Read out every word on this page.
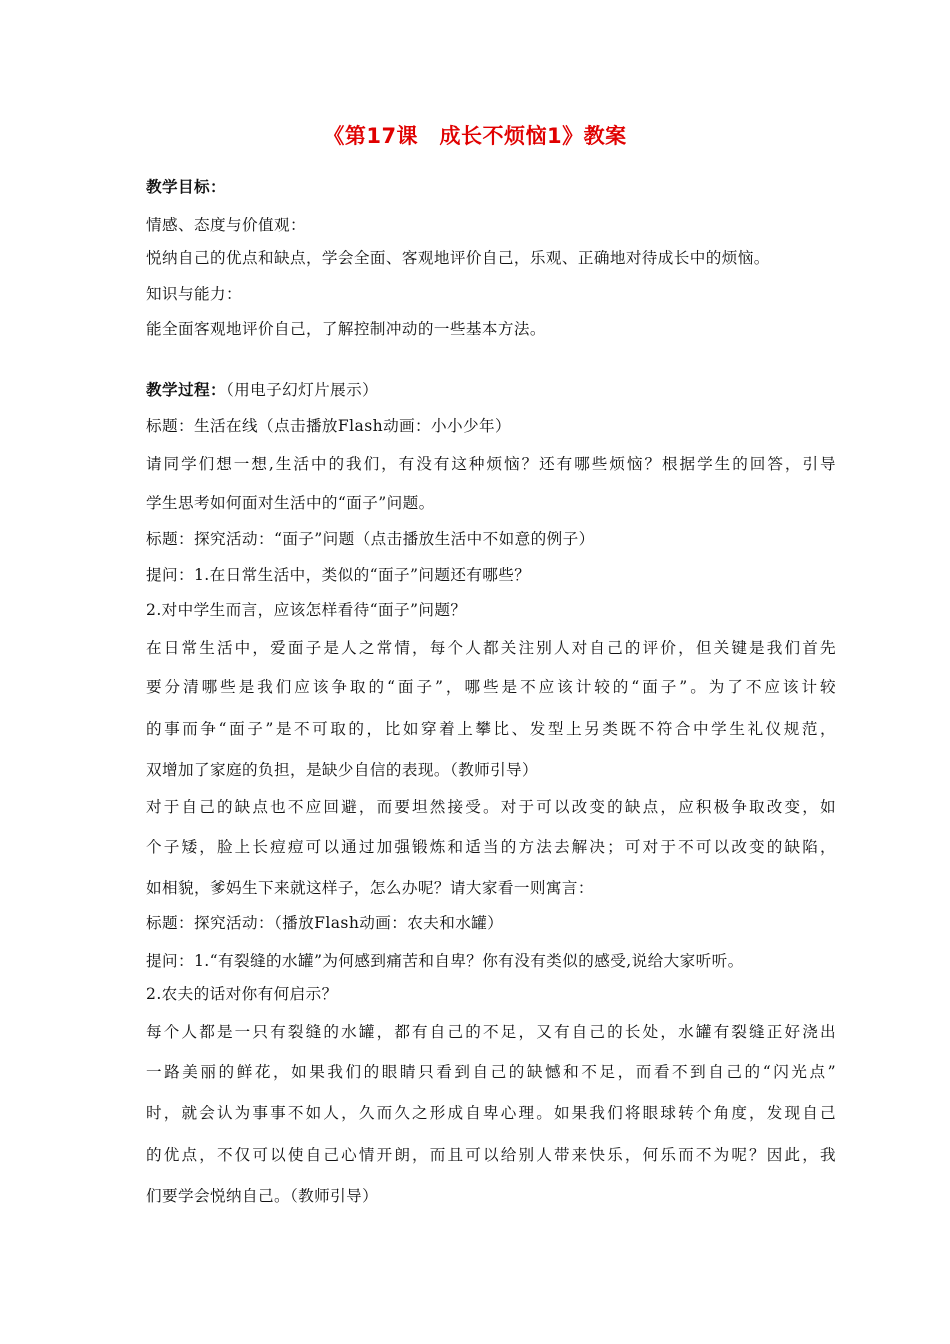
《第17课　成长不烦恼1》教案
教学目标：
情感、态度与价值观：
悦纳自己的优点和缺点，学会全面、客观地评价自己，乐观、正确地对待成长中的烦恼。
知识与能力：
能全面客观地评价自己，了解控制冲动的一些基本方法。
教学过程：（用电子幻灯片展示）
标题：生活在线（点击播放Flash动画：小小少年）
请同学们想一想,生活中的我们，有没有这种烦恼？还有哪些烦恼？根据学生的回答，引导
学生思考如何面对生活中的“面子”问题。
标题：探究活动：“面子”问题（点击播放生活中不如意的例子）
提问：1.在日常生活中，类似的“面子”问题还有哪些？
2.对中学生而言，应该怎样看待“面子”问题？
在日常生活中，爱面子是人之常情，每个人都关注别人对自己的评价，但关键是我们首先
要分清哪些是我们应该争取的“面子”，哪些是不应该计较的“面子”。为了不应该计较
的事而争“面子”是不可取的，比如穿着上攀比、发型上另类既不符合中学生礼仪规范，
双增加了家庭的负担，是缺少自信的表现。（教师引导）
对于自己的缺点也不应回避，而要坦然接受。对于可以改变的缺点，应积极争取改变，如
个子矮，脸上长痘痘可以通过加强锻炼和适当的方法去解决；可对于不可以改变的缺陷，
如相貌，爹妈生下来就这样子，怎么办呢？请大家看一则寓言：
标题：探究活动：（播放Flash动画：农夫和水罐）
提问：1.“有裂缝的水罐”为何感到痛苦和自卑？你有没有类似的感受,说给大家听听。
2.农夫的话对你有何启示？
每个人都是一只有裂缝的水罐，都有自己的不足，又有自己的长处，水罐有裂缝正好浇出
一路美丽的鲜花，如果我们的眼睛只看到自己的缺憾和不足，而看不到自己的“闪光点”
时，就会认为事事不如人，久而久之形成自卑心理。如果我们将眼球转个角度，发现自己
的优点，不仅可以使自己心情开朗，而且可以给别人带来快乐，何乐而不为呢？因此，我
们要学会悦纳自己。（教师引导）
